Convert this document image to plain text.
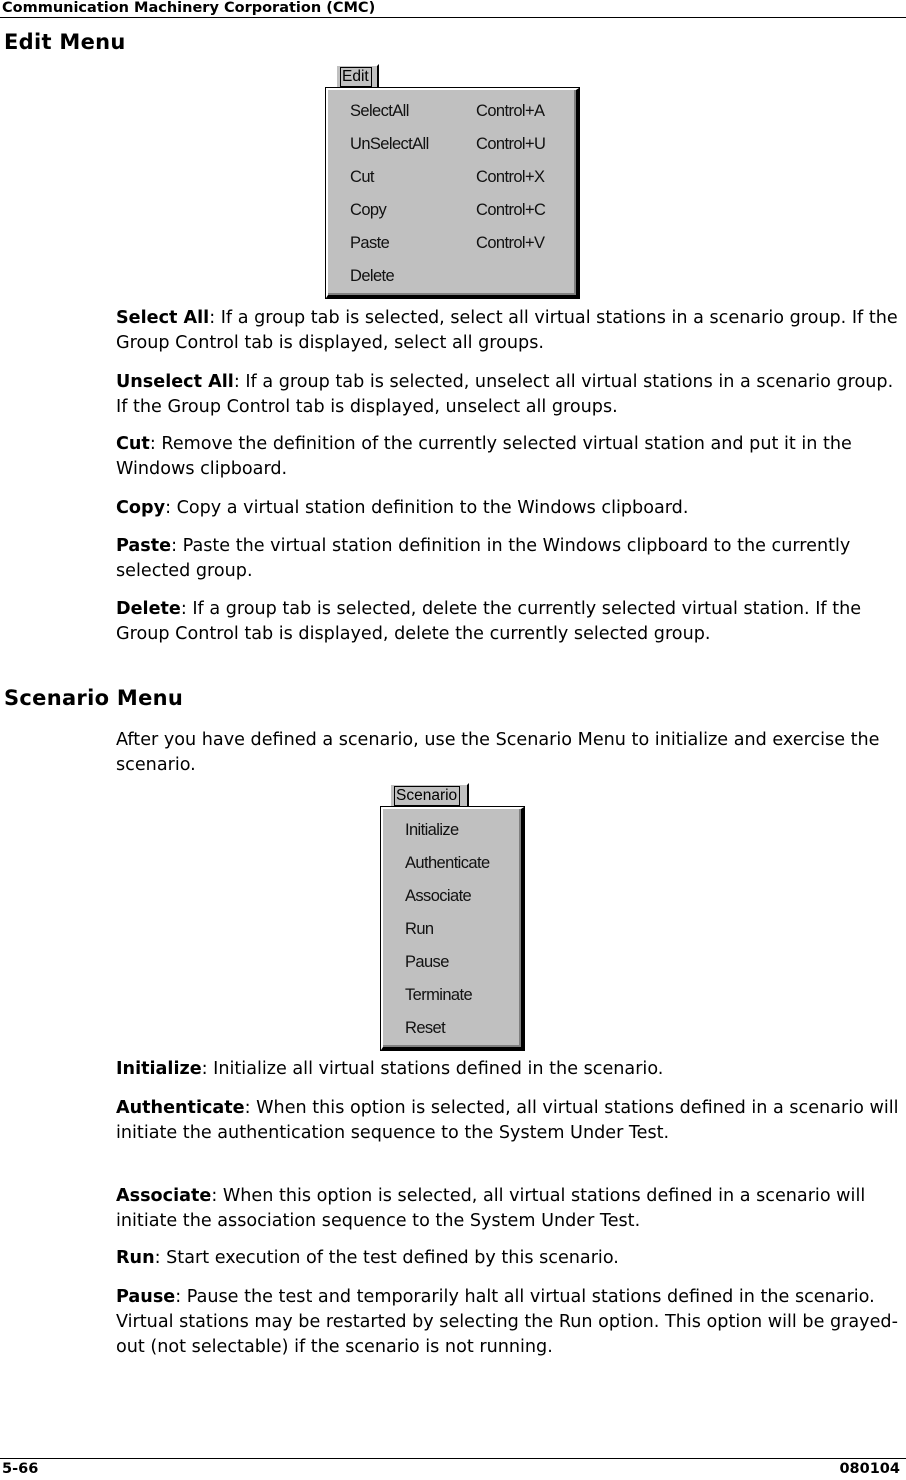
Communication Machinery Corporation (CMC)
Edit Menu
Edit
SelectAll	Control+A
UnSelectAll	Control+U
Cut	Control+X
Copy	Control+C
Paste	Control+V
Delete

Select All: If a group tab is selected, select all virtual stations in a scenario group. If the Group Control tab is displayed, select all groups.

Unselect All: If a group tab is selected, unselect all virtual stations in a scenario group. If the Group Control tab is displayed, unselect all groups.

Cut: Remove the definition of the currently selected virtual station and put it in the Windows clipboard.

Copy: Copy a virtual station definition to the Windows clipboard.

Paste: Paste the virtual station definition in the Windows clipboard to the currently selected group.

Delete: If a group tab is selected, delete the currently selected virtual station. If the Group Control tab is displayed, delete the currently selected group.

Scenario Menu

After you have defined a scenario, use the Scenario Menu to initialize and exercise the scenario.

Scenario
Initialize
Authenticate
Associate
Run
Pause
Terminate
Reset

Initialize: Initialize all virtual stations defined in the scenario.

Authenticate: When this option is selected, all virtual stations defined in a scenario will initiate the authentication sequence to the System Under Test.

Associate: When this option is selected, all virtual stations defined in a scenario will initiate the association sequence to the System Under Test.

Run: Start execution of the test defined by this scenario.

Pause: Pause the test and temporarily halt all virtual stations defined in the scenario. Virtual stations may be restarted by selecting the Run option. This option will be grayed-out (not selectable) if the scenario is not running.

5-66	080104
